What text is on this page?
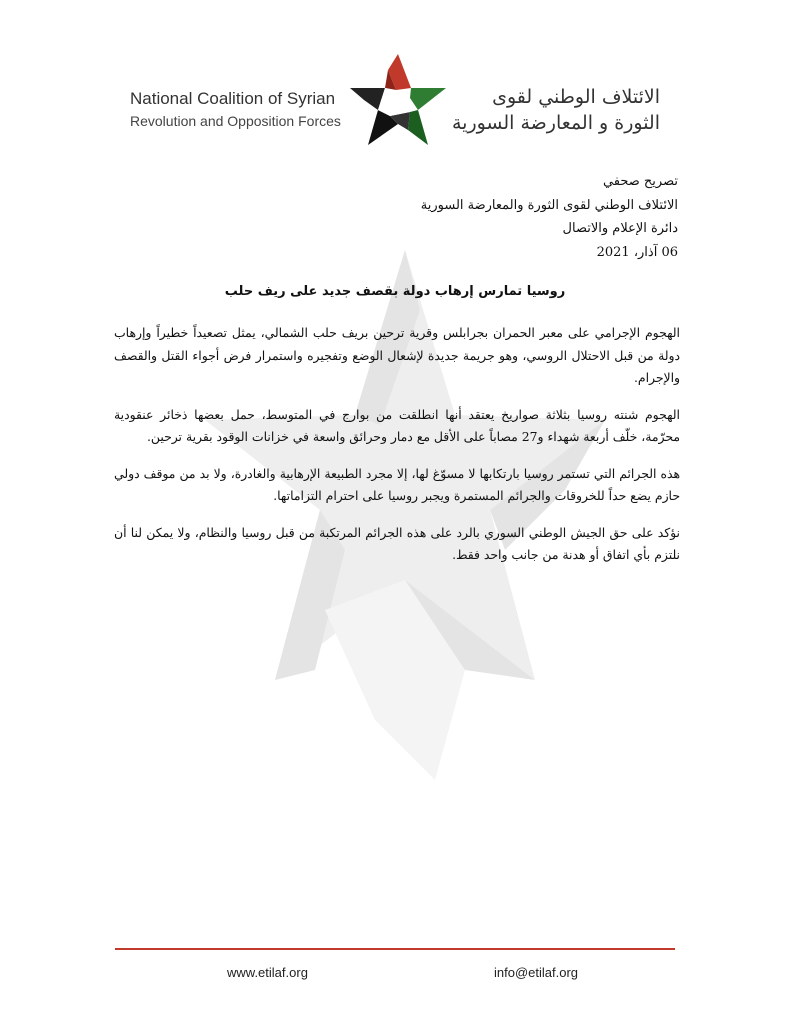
National Coalition of Syrian
Revolution and Opposition Forces
الائتلاف الوطني لقوى
الثورة و المعارضة السورية
تصريح صحفي
الائتلاف الوطني لقوى الثورة والمعارضة السورية
دائرة الإعلام والاتصال
06 آذار، 2021
روسيا تمارس إرهاب دولة بقصف جديد على ريف حلب

الهجوم الإجرامي على معبر الحمران بجرابلس وقرية ترحين بريف حلب الشمالي، يمثل تصعيداً خطيراً وإرهاب دولة من قبل الاحتلال الروسي، وهو جريمة جديدة لإشعال الوضع وتفجيره واستمرار فرض أجواء القتل والقصف والإجرام.

الهجوم شنته روسيا بثلاثة صواريخ يعتقد أنها انطلقت من بوارج في المتوسط، حمل بعضها ذخائر عنقودية محرّمة، خلّف أربعة شهداء و27 مصاباً على الأقل مع دمار وحرائق واسعة في خزانات الوقود بقرية ترحين.

هذه الجرائم التي تستمر روسيا بارتكابها لا مسوّغ لها، إلا مجرد الطبيعة الإرهابية والغادرة، ولا بد من موقف دولي حازم يضع حداً للخروقات والجرائم المستمرة ويجبر روسيا على احترام التزاماتها.

نؤكد على حق الجيش الوطني السوري بالرد على هذه الجرائم المرتكبة من قبل روسيا والنظام، ولا يمكن لنا أن نلتزم بأي اتفاق أو هدنة من جانب واحد فقط.

www.etilaf.org	info@etilaf.org
